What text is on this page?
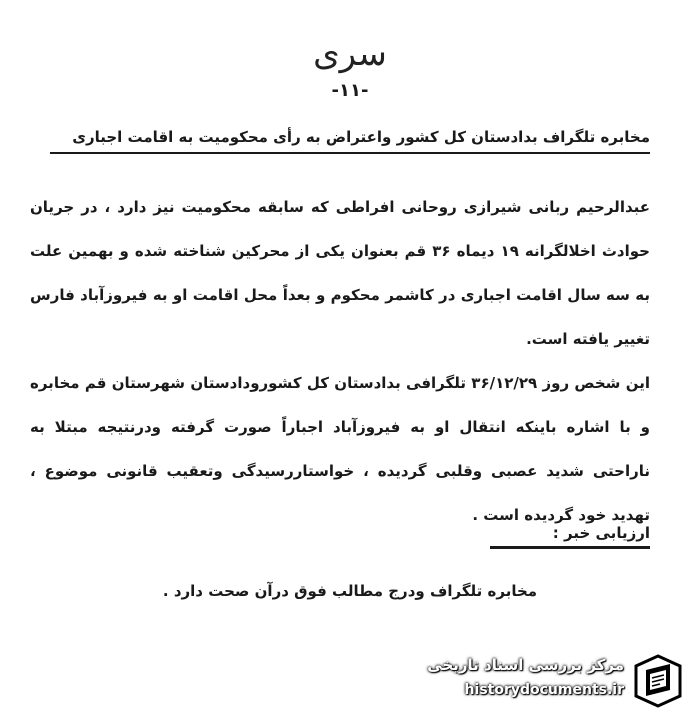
سری
-۱۱-
مخابره تلگراف بدادستان کل کشور واعتراض به رأی محکومیت به اقامت اجباری

عبدالرحیم ربانی شیرازی روحانی افراطی که سابقه محکومیت نیز دارد ، در جریان حوادث اخلالگرانه ۱۹ دیماه ۳۶ قم بعنوان یکی از محرکین شناخته شده و بهمین علت به سه سال اقامت اجباری در کاشمر محکوم و بعداً محل اقامت او به فیروزآباد فارس تغییر یافته است.

این شخص روز ۳۶/۱۲/۲۹ تلگرافی بدادستان کل کشورودادستان شهرستان قم مخابره و با اشاره باینکه انتقال او به فیروزآباد اجباراً صورت گرفته ودرنتیجه مبتلا به ناراحتی شدید عصبی وقلبی گردیده ، خواستاررسیدگی وتعقیب قانونی موضوع ، تهدید خود گردیده است .

ارزیابی خبر :
مخابره تلگراف ودرج مطالب فوق درآن صحت دارد .
مرکز بررسی اسناد تاریخی
historydocuments.ir
